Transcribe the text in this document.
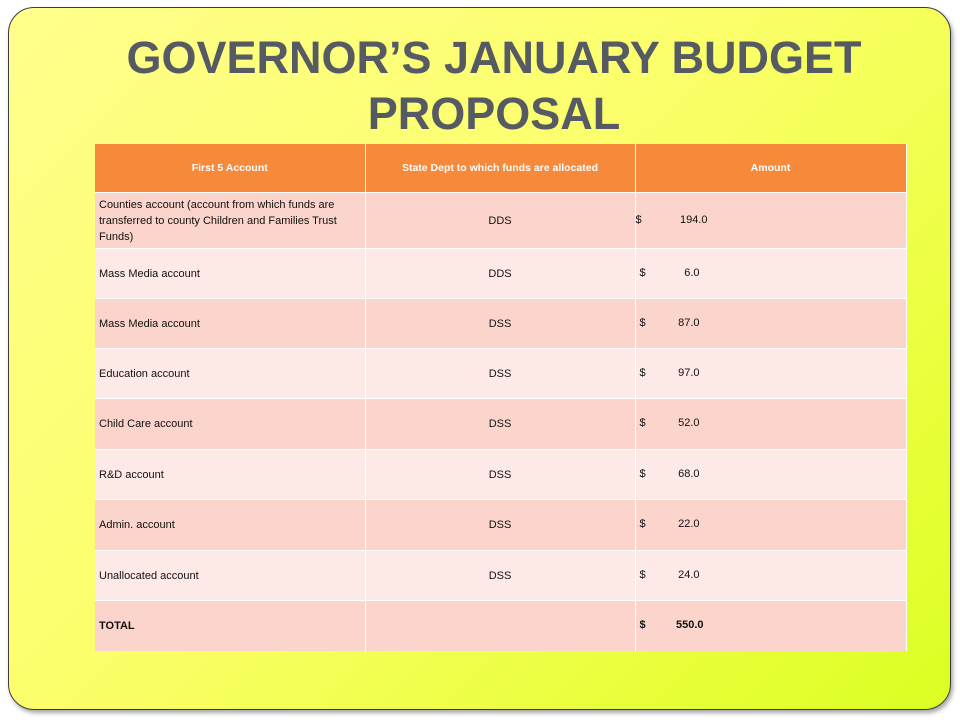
GOVERNOR’S JANUARY BUDGET PROPOSAL
First 5 Account	State Dept to which funds are allocated	Amount
Counties account (account from which funds are transferred to county Children and Families Trust Funds)	DDS	$ 194.0

Mass Media account	DDS	$ 6.0

Mass Media account	DSS	$ 87.0

Education account	DSS	$ 97.0

Child Care account	DSS	$ 52.0

R&D account	DSS	$ 68.0

Admin. account	DSS	$ 22.0

Unallocated account	DSS	$ 24.0

TOTAL		$ 550.0
